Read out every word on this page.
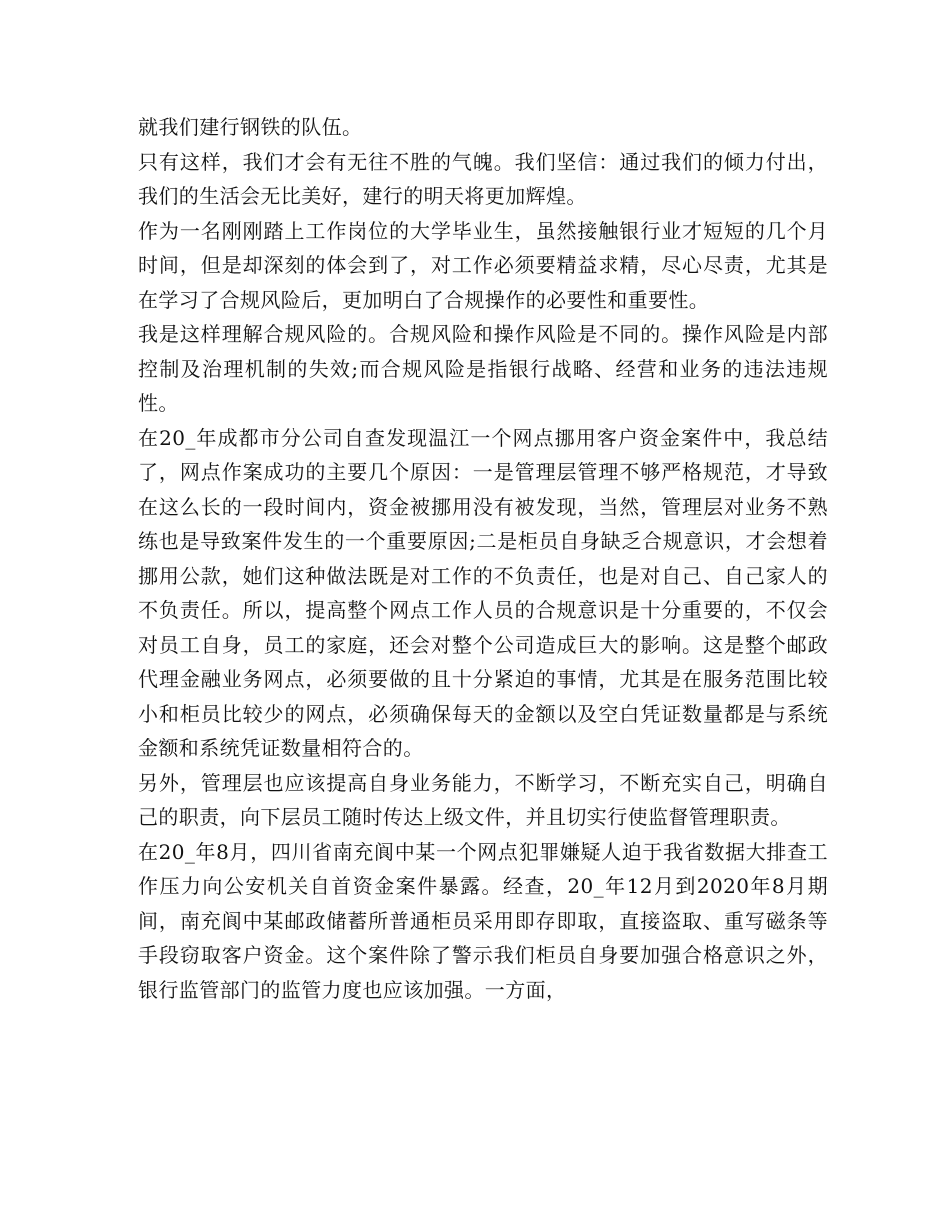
就我们建行钢铁的队伍。

只有这样，我们才会有无往不胜的气魄。我们坚信：通过我们的倾力付出，我们的生活会无比美好，建行的明天将更加辉煌。

作为一名刚刚踏上工作岗位的大学毕业生，虽然接触银行业才短短的几个月时间，但是却深刻的体会到了，对工作必须要精益求精，尽心尽责，尤其是在学习了合规风险后，更加明白了合规操作的必要性和重要性。

我是这样理解合规风险的。合规风险和操作风险是不同的。操作风险是内部控制及治理机制的失效;而合规风险是指银行战略、经营和业务的违法违规性。

在20_年成都市分公司自查发现温江一个网点挪用客户资金案件中，我总结了，网点作案成功的主要几个原因：一是管理层管理不够严格规范，才导致在这么长的一段时间内，资金被挪用没有被发现，当然，管理层对业务不熟练也是导致案件发生的一个重要原因;二是柜员自身缺乏合规意识，才会想着挪用公款，她们这种做法既是对工作的不负责任，也是对自己、自己家人的不负责任。所以，提高整个网点工作人员的合规意识是十分重要的，不仅会对员工自身，员工的家庭，还会对整个公司造成巨大的影响。这是整个邮政代理金融业务网点，必须要做的且十分紧迫的事情，尤其是在服务范围比较小和柜员比较少的网点，必须确保每天的金额以及空白凭证数量都是与系统金额和系统凭证数量相符合的。

另外，管理层也应该提高自身业务能力，不断学习，不断充实自己，明确自己的职责，向下层员工随时传达上级文件，并且切实行使监督管理职责。

在20_年8月，四川省南充阆中某一个网点犯罪嫌疑人迫于我省数据大排查工作压力向公安机关自首资金案件暴露。经查，20_年12月到2020年8月期间，南充阆中某邮政储蓄所普通柜员采用即存即取，直接盗取、重写磁条等手段窃取客户资金。这个案件除了警示我们柜员自身要加强合格意识之外，银行监管部门的监管力度也应该加强。一方面，
